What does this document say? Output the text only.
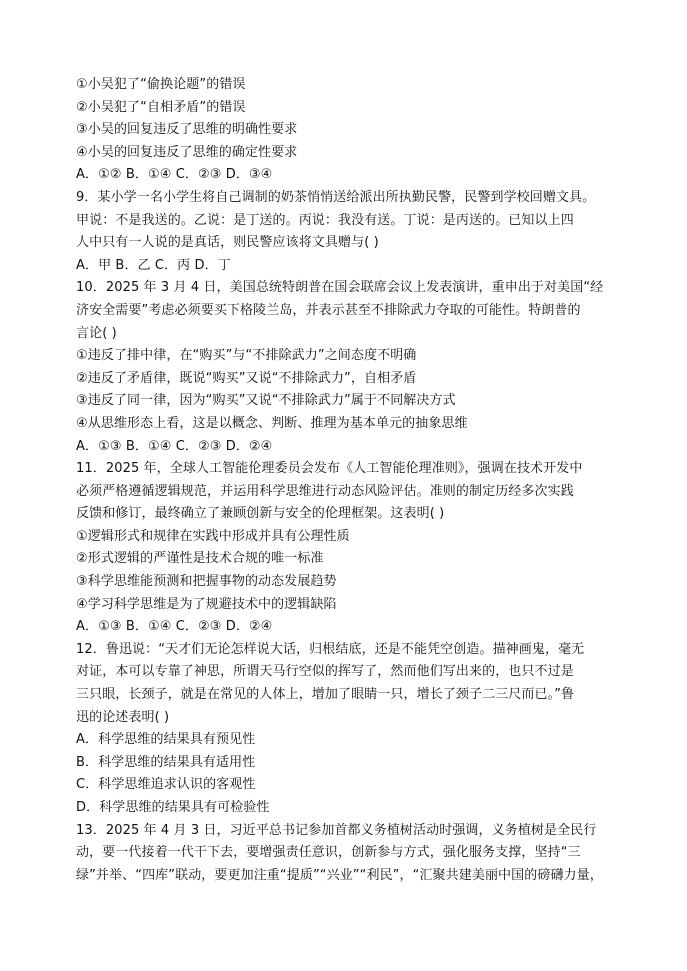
①小吴犯了“偷换论题”的错误
②小吴犯了“自相矛盾”的错误
③小吴的回复违反了思维的明确性要求
④小吴的回复违反了思维的确定性要求
A．①② B．①④ C．②③ D．③④
9．某小学一名小学生将自己调制的奶茶悄悄送给派出所执勤民警，民警到学校回赠文具。
甲说：不是我送的。乙说：是丁送的。丙说：我没有送。丁说：是丙送的。已知以上四
人中只有一人说的是真话，则民警应该将文具赠与( )
A．甲 B．乙 C．丙 D．丁
10．2025 年 3 月 4 日，美国总统特朗普在国会联席会议上发表演讲，重申出于对美国“经
济安全需要”考虑必须要买下格陵兰岛，并表示甚至不排除武力夺取的可能性。特朗普的
言论( )
①违反了排中律，在“购买”与“不排除武力”之间态度不明确
②违反了矛盾律，既说“购买”又说“不排除武力”，自相矛盾
③违反了同一律，因为“购买”又说“不排除武力”属于不同解决方式
④从思维形态上看，这是以概念、判断、推理为基本单元的抽象思维
A．①③ B．①④ C．②③ D．②④
11．2025 年，全球人工智能伦理委员会发布《人工智能伦理准则》，强调在技术开发中
必须严格遵循逻辑规范，并运用科学思维进行动态风险评估。准则的制定历经多次实践
反馈和修订，最终确立了兼顾创新与安全的伦理框架。这表明( )
①逻辑形式和规律在实践中形成并具有公理性质
②形式逻辑的严谨性是技术合规的唯一标准
③科学思维能预测和把握事物的动态发展趋势
④学习科学思维是为了规避技术中的逻辑缺陷
A．①③ B．①④ C．②③ D．②④
12．鲁迅说：“天才们无论怎样说大话，归根结底，还是不能凭空创造。描神画鬼，毫无
对证，本可以专靠了神思，所谓天马行空似的挥写了，然而他们写出来的，也只不过是
三只眼，长颈子，就是在常见的人体上，增加了眼睛一只，增长了颈子二三尺而已。”鲁
迅的论述表明( )
A．科学思维的结果具有预见性
B．科学思维的结果具有适用性
C．科学思维追求认识的客观性
D．科学思维的结果具有可检验性
13．2025 年 4 月 3 日，习近平总书记参加首都义务植树活动时强调，义务植树是全民行
动，要一代接着一代干下去，要增强责任意识，创新参与方式，强化服务支撑，坚持“三
绿”并举、“四库”联动，要更加注重“提质”“兴业”“利民”，“汇聚共建美丽中国的磅礴力量，
